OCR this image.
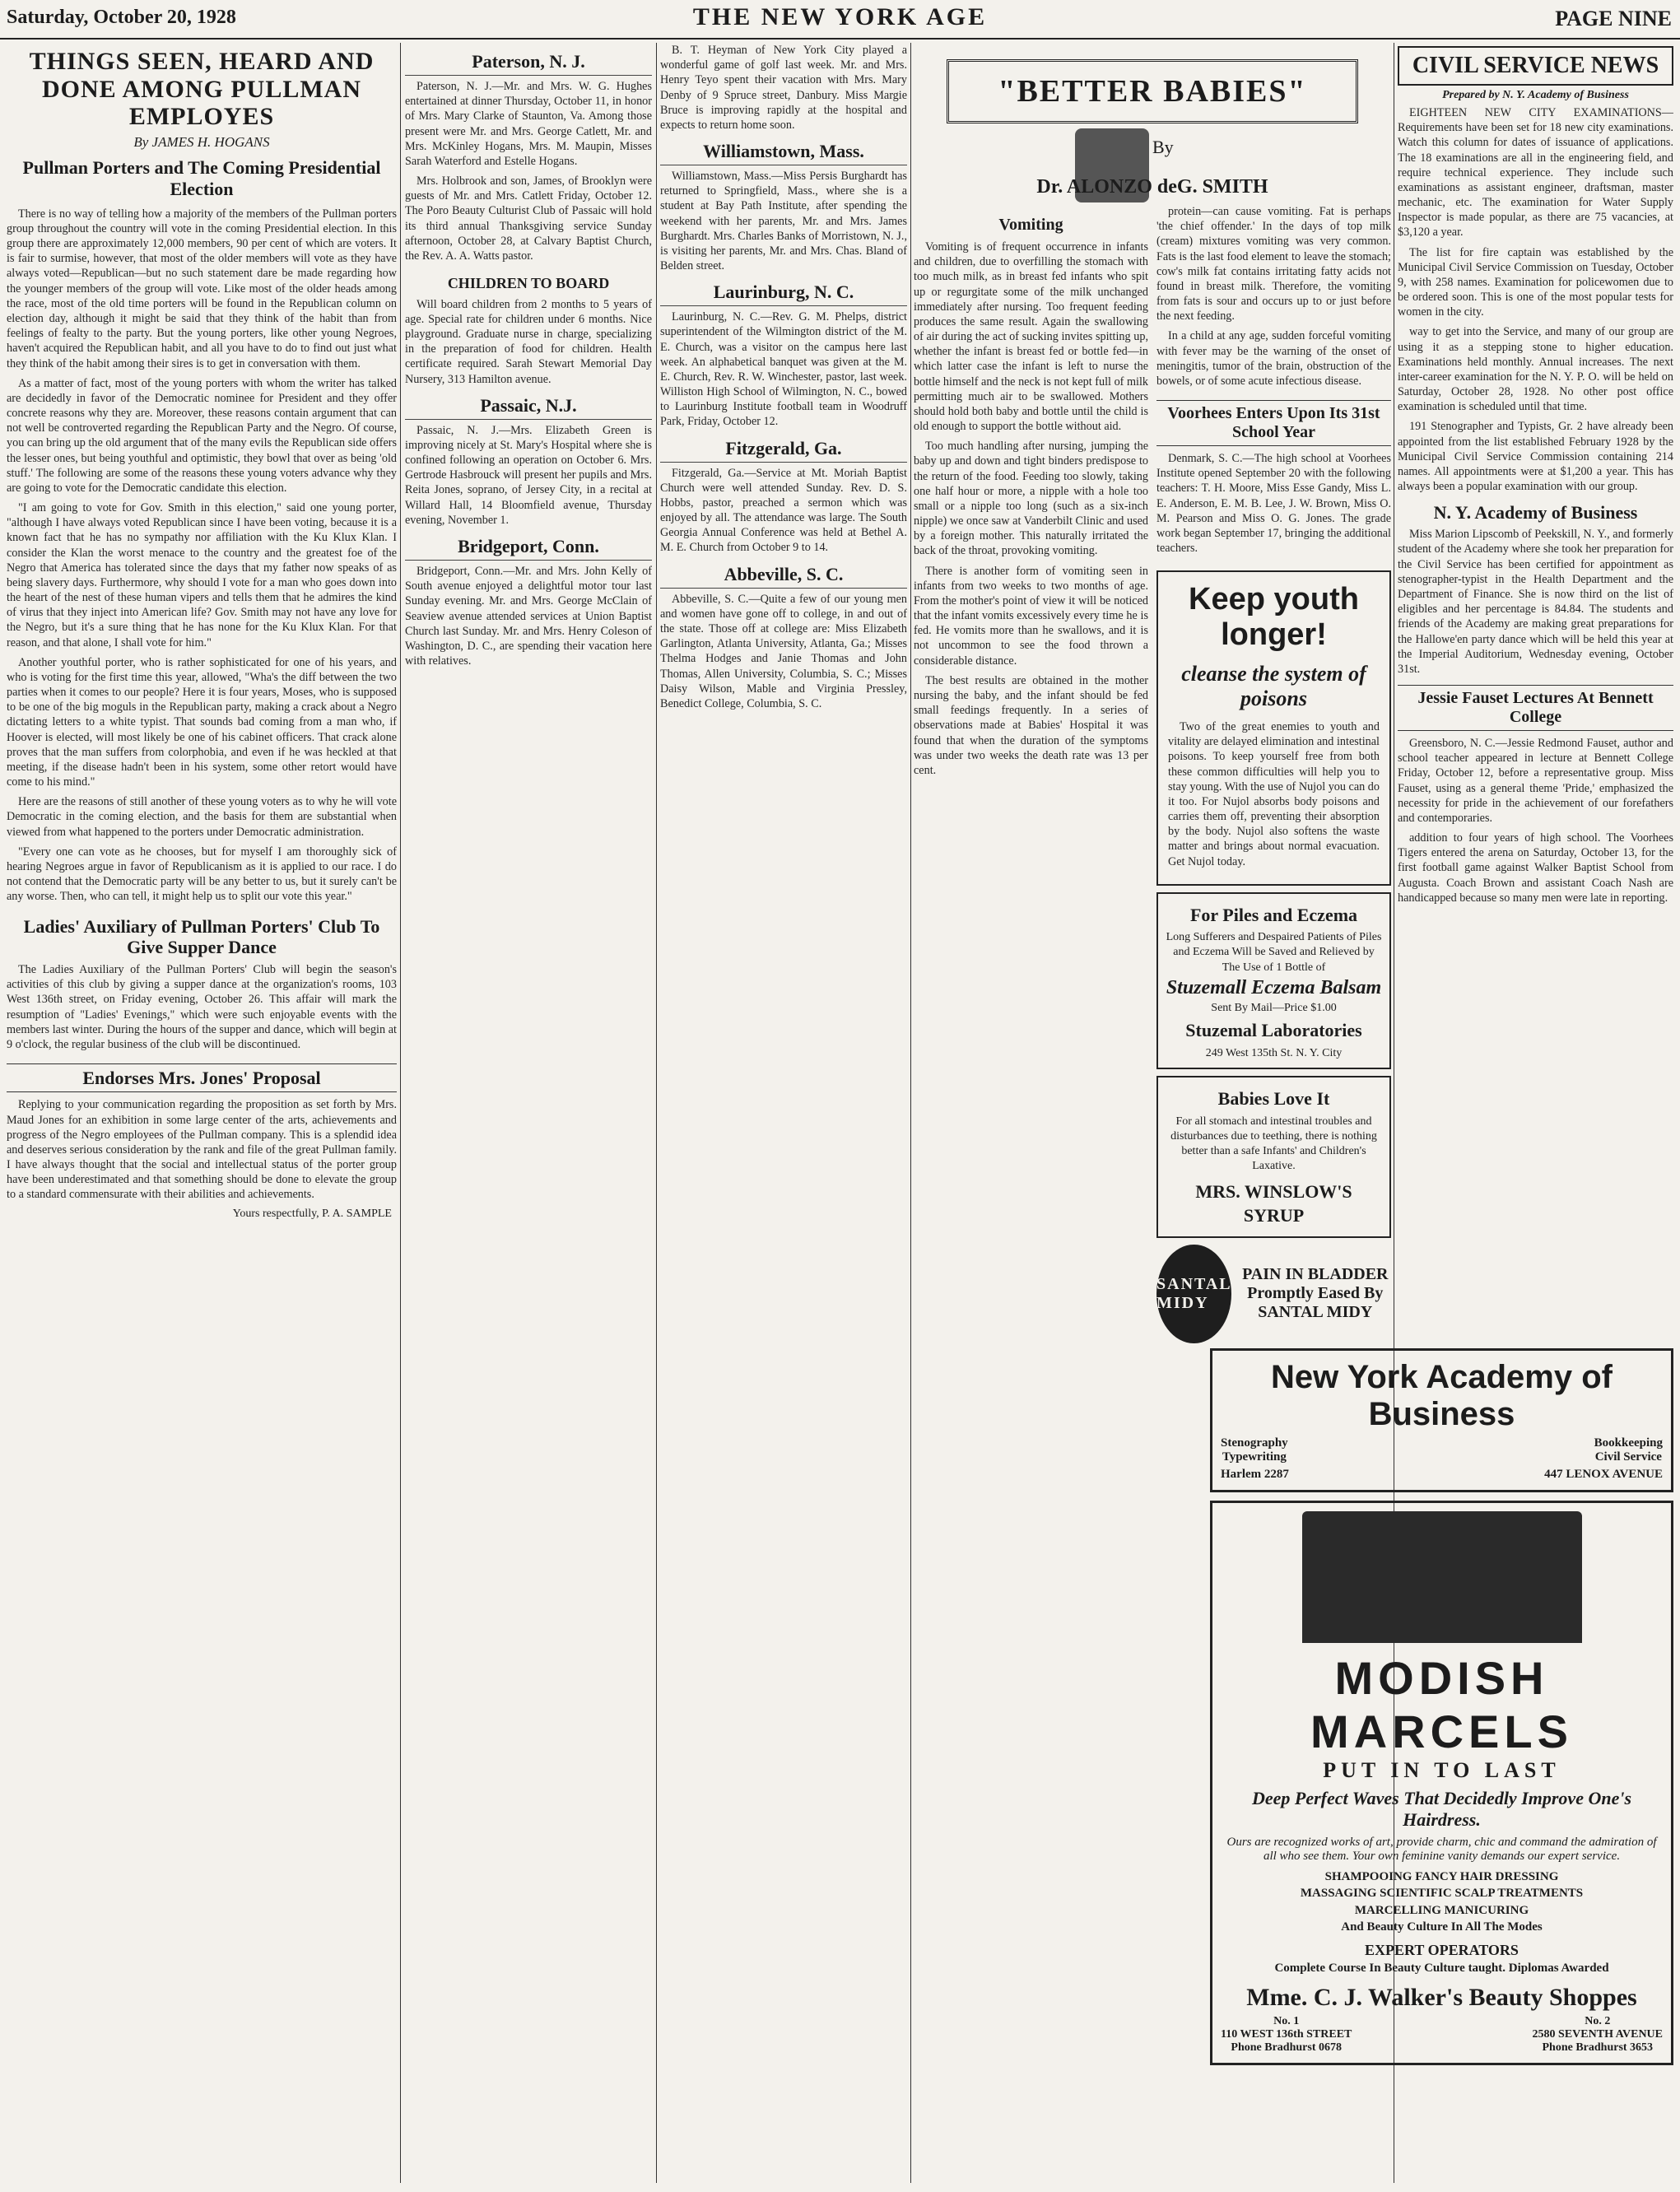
Saturday, October 20, 1928	THE NEW YORK AGE	PAGE NINE
THINGS SEEN, HEARD AND DONE AMONG PULLMAN EMPLOYES
By JAMES H. HOGANS
Pullman Porters and The Coming Presidential Election

There is no way of telling how a majority of the members of the Pullman porters group throughout the country will vote in the coming Presidential election. In this group there are approximately 12,000 members, 90 per cent of which are voters. It is fair to surmise, however, that most of the older members will vote as they have always voted—Republican—but no such statement dare be made regarding how the younger members of the group will vote. Like most of the older heads among the race, most of the old time porters will be found in the Republican column on election day, although it might be said that they think of the habit than from feelings of fealty to the party. But the young porters, like other young Negroes, haven't acquired the Republican habit, and all you have to do to find out just what they think of the habit among their sires is to get in conversation with them.

As a matter of fact, most of the young porters with whom the writer has talked are decidedly in favor of the Democratic nominee for President and they offer concrete reasons why they are. Moreover, these reasons contain argument that can not well be controverted regarding the Republican Party and the Negro. Of course, you can bring up the old argument that of the many evils the Republican side offers the lesser ones, but being youthful and optimistic, they bowl that over as being 'old stuff.' The following are some of the reasons these young voters advance why they are going to vote for the Democratic candidate this election.

"I am going to vote for Gov. Smith in this election," said one young porter, "although I have always voted Republican since I have been voting, because it is a known fact that he has no sympathy nor affiliation with the Ku Klux Klan. I consider the Klan the worst menace to the country and the greatest foe of the Negro that America has tolerated since the days that my father now speaks of as being slavery days. Furthermore, why should I vote for a man who goes down into the heart of the nest of these human vipers and tells them that he admires the kind of virus that they inject into American life? Gov. Smith may not have any love for the Negro, but it's a sure thing that he has none for the Ku Klux Klan. For that reason, and that alone, I shall vote for him."

Another youthful porter, who is rather sophisticated for one of his years, and who is voting for the first time this year, allowed, "Wha's the diff between the two parties when it comes to our people? Here it is four years, Moses, who is supposed to be one of the big moguls in the Republican party, making a crack about a Negro dictating letters to a white typist. That sounds bad coming from a man who, if Hoover is elected, will most likely be one of his cabinet officers. That crack alone proves that the man suffers from colorphobia, and even if he was heckled at that meeting, if the disease hadn't been in his system, some other retort would have come to his mind."

Here are the reasons of still another of these young voters as to why he will vote Democratic in the coming election, and the basis for them are substantial when viewed from what happened to the porters under Democratic administration.

"Every one can vote as he chooses, but for myself I am thoroughly sick of hearing Negroes argue in favor of Republicanism as it is applied to our race. I do not contend that the Democratic party will be any better to us, but it surely can't be any worse. Then, who can tell, it might help us to split our vote this year."

Ladies' Auxiliary of Pullman Porters' Club To Give Supper Dance

The Ladies Auxiliary of the Pullman Porters' Club will begin the season's activities of this club by giving a supper dance at the organization's rooms, 103 West 136th street, on Friday evening, October 26. This affair will mark the resumption of "Ladies' Evenings," which were such enjoyable events with the members last winter. During the hours of the supper and dance, which will begin at 9 o'clock, the regular business of the club will be discontinued.

Endorses Mrs. Jones' Proposal

Replying to your communication regarding the proposition as set forth by Mrs. Maud Jones for an exhibition in some large center of the arts, achievements and progress of the Negro employees of the Pullman company. This is a splendid idea and deserves serious consideration by the rank and file of the great Pullman family. I have always thought that the social and intellectual status of the porter group have been underestimated and that something should be done to elevate the group to a standard commensurate with their abilities and achievements.

Yours respectfully, P. A. SAMPLE
Paterson, N. J.

Paterson, N. J.—Mr. and Mrs. W. G. Hughes entertained at dinner Thursday, October 11, in honor of Mrs. Mary Clarke of Staunton, Va. Among those present were Mr. and Mrs. George Catlett, Mr. and Mrs. McKinley Hogans, Mrs. M. Maupin, Misses Sarah Waterford and Estelle Hogans.

Mrs. Holbrook and son, James, of Brooklyn were guests of Mr. and Mrs. Catlett Friday, October 12. The Poro Beauty Culturist Club of Passaic will hold its third annual Thanksgiving service Sunday afternoon, October 28, at Calvary Baptist Church, the Rev. A. A. Watts pastor.

CHILDREN TO BOARD

Will board children from 2 months to 5 years of age. Special rate for children under 6 months. Nice playground. Graduate nurse in charge, specializing in the preparation of food for children. Health certificate required. Sarah Stewart Memorial Day Nursery, 313 Hamilton avenue.

Passaic, N.J.

Passaic, N. J.—Mrs. Elizabeth Green is improving nicely at St. Mary's Hospital where she is confined following an operation on October 6. Mrs. Gertrode Hasbrouck will present her pupils and Mrs. Reita Jones, soprano, of Jersey City, in a recital at Willard Hall, 14 Bloomfield avenue, Thursday evening, November 1.

Bridgeport, Conn.

Bridgeport, Conn.—Mr. and Mrs. John Kelly of South avenue enjoyed a delightful motor tour last Sunday evening. Mr. and Mrs. George McClain of Seaview avenue attended services at Union Baptist Church last Sunday. Mr. and Mrs. Henry Coleson of Washington, D. C., are spending their vacation here with relatives.

B. T. Heyman of New York City played a wonderful game of golf last week. Mr. and Mrs. Henry Teyo spent their vacation with Mrs. Mary Denby of 9 Spruce street, Danbury. Miss Margie Bruce is improving rapidly at the hospital and expects to return home soon.

Williamstown, Mass.

Williamstown, Mass.—Miss Persis Burghardt has returned to Springfield, Mass., where she is a student at Bay Path Institute, after spending the weekend with her parents, Mr. and Mrs. James Burghardt. Mrs. Charles Banks of Morristown, N. J., is visiting her parents, Mr. and Mrs. Chas. Bland of Belden street.

Laurinburg, N. C.

Laurinburg, N. C.—Rev. G. M. Phelps, district superintendent of the Wilmington district of the M. E. Church, was a visitor on the campus here last week. An alphabetical banquet was given at the M. E. Church, Rev. R. W. Winchester, pastor, last week. Williston High School of Wilmington, N. C., bowed to Laurinburg Institute football team in Woodruff Park, Friday, October 12.

Fitzgerald, Ga.

Fitzgerald, Ga.—Service at Mt. Moriah Baptist Church were well attended Sunday. Rev. D. S. Hobbs, pastor, preached a sermon which was enjoyed by all. The attendance was large. The South Georgia Annual Conference was held at Bethel A. M. E. Church from October 9 to 14.

Abbeville, S. C.

Abbeville, S. C.—Quite a few of our young men and women have gone off to college, in and out of the state. Those off at college are: Miss Elizabeth Garlington, Atlanta University, Atlanta, Ga.; Misses Thelma Hodges and Janie Thomas and John Thomas, Allen University, Columbia, S. C.; Misses Daisy Wilson, Mable and Virginia Pressley, Benedict College, Columbia, S. C.

"BETTER BABIES"
By
Dr. ALONZO deG. SMITH
Vomiting

Vomiting is of frequent occurrence in infants and children, due to overfilling the stomach with too much milk, as in breast fed infants who spit up or regurgitate some of the milk unchanged immediately after nursing. Too frequent feeding produces the same result. Again the swallowing of air during the act of sucking invites spitting up, whether the infant is breast fed or bottle fed—in which latter case the infant is left to nurse the bottle himself and the neck is not kept full of milk permitting much air to be swallowed. Mothers should hold both baby and bottle until the child is old enough to support the bottle without aid.

Too much handling after nursing, jumping the baby up and down and tight binders predispose to the return of the food. Feeding too slowly, taking one half hour or more, a nipple with a hole too small or a nipple too long (such as a six-inch nipple) we once saw at Vanderbilt Clinic and used by a foreign mother. This naturally irritated the back of the throat, provoking vomiting.

protein—can cause vomiting. Fat is perhaps 'the chief offender.' In the days of top milk (cream) mixtures vomiting was very common. Fats is the last food element to leave the stomach; cow's milk fat contains irritating fatty acids not found in breast milk. Therefore, the vomiting from fats is sour and occurs up to or just before the next feeding.

In a child at any age, sudden forceful vomiting with fever may be the warning of the onset of meningitis, tumor of the brain, obstruction of the bowels, or of some acute infectious disease.

Voorhees Enters Upon Its 31st School Year

Denmark, S. C.—The high school at Voorhees Institute opened September 20 with the following teachers: T. H. Moore, Miss Esse Gandy, Miss L. E. Anderson, E. M. B. Lee, J. W. Brown, Miss O. M. Pearson and Miss O. G. Jones. The grade work began September 17, bringing the additional teachers.

There is another form of vomiting seen in infants from two weeks to two months of age. From the mother's point of view it will be noticed that the infant vomits excessively every time he is fed. He vomits more than he swallows, and it is not uncommon to see the food thrown a considerable distance.

The best results are obtained in the mother nursing the baby, and the infant should be fed small feedings frequently. In a series of observations made at Babies' Hospital it was found that when the duration of the symptoms was under two weeks the death rate was 13 per cent.

Keep youth longer!
cleanse the system of poisons

Two of the great enemies to youth and vitality are delayed elimination and intestinal poisons. To keep yourself free from both these common difficulties will help you to stay young. With the use of Nujol you can do it too. For Nujol absorbs body poisons and carries them off, preventing their absorption by the body. Nujol also softens the waste matter and brings about normal evacuation. Get Nujol today.

For Piles and Eczema
Long Sufferers and Despaired Patients of Piles and Eczema Will be Saved and Relieved by The Use of 1 Bottle of
Stuzemall Eczema Balsam
Sent By Mail—Price $1.00
Stuzemal Laboratories
249 West 135th St. N. Y. City
Babies Love It
For all stomach and intestinal troubles and disturbances due to teething, there is nothing better than a safe Infants' and Children's Laxative.
MRS. WINSLOW'S SYRUP
SANTAL MIDY
PAIN IN BLADDER Promptly Eased By SANTAL MIDY
CIVIL SERVICE NEWS
Prepared by N. Y. Academy of Business

EIGHTEEN NEW CITY EXAMINATIONS—Requirements have been set for 18 new city examinations. Watch this column for dates of issuance of applications. The 18 examinations are all in the engineering field, and require technical experience. They include such examinations as assistant engineer, draftsman, master mechanic, etc. The examination for Water Supply Inspector is made popular, as there are 75 vacancies, at $3,120 a year.

The list for fire captain was established by the Municipal Civil Service Commission on Tuesday, October 9, with 258 names. Examination for policewomen due to be ordered soon. This is one of the most popular tests for women in the city.

way to get into the Service, and many of our group are using it as a stepping stone to higher education. Examinations held monthly. Annual increases. The next inter-career examination for the N. Y. P. O. will be held on Saturday, October 28, 1928. No other post office examination is scheduled until that time.

191 Stenographer and Typists, Gr. 2 have already been appointed from the list established February 1928 by the Municipal Civil Service Commission containing 214 names. All appointments were at $1,200 a year. This has always been a popular examination with our group.

N. Y. Academy of Business

Miss Marion Lipscomb of Peekskill, N. Y., and formerly student of the Academy where she took her preparation for the Civil Service has been certified for appointment as stenographer-typist in the Health Department and the Department of Finance. She is now third on the list of eligibles and her percentage is 84.84. The students and friends of the Academy are making great preparations for the Hallowe'en party dance which will be held this year at the Imperial Auditorium, Wednesday evening, October 31st.

Jessie Fauset Lectures At Bennett College

Greensboro, N. C.—Jessie Redmond Fauset, author and school teacher appeared in lecture at Bennett College Friday, October 12, before a representative group. Miss Fauset, using as a general theme 'Pride,' emphasized the necessity for pride in the achievement of our forefathers and contemporaries.

addition to four years of high school. The Voorhees Tigers entered the arena on Saturday, October 13, for the first football game against Walker Baptist School from Augusta. Coach Brown and assistant Coach Nash are handicapped because so many men were late in reporting.

New York Academy of Business
Stenography
Typewriting
Bookkeeping
Civil Service
Harlem 2287	447 LENOX AVENUE
MODISH MARCELS
PUT IN TO LAST
Deep Perfect Waves That Decidedly Improve One's Hairdress.
Ours are recognized works of art, provide charm, chic and command the admiration of all who see them. Your own feminine vanity demands our expert service.
SHAMPOOING FANCY HAIR DRESSING
MASSAGING SCIENTIFIC SCALP TREATMENTS
MARCELLING MANICURING
And Beauty Culture In All The Modes
EXPERT OPERATORS
Complete Course In Beauty Culture taught. Diplomas Awarded
Mme. C. J. Walker's Beauty Shoppes
No. 1
110 WEST 136th STREET
Phone Bradhurst 0678
No. 2
2580 SEVENTH AVENUE
Phone Bradhurst 3653
